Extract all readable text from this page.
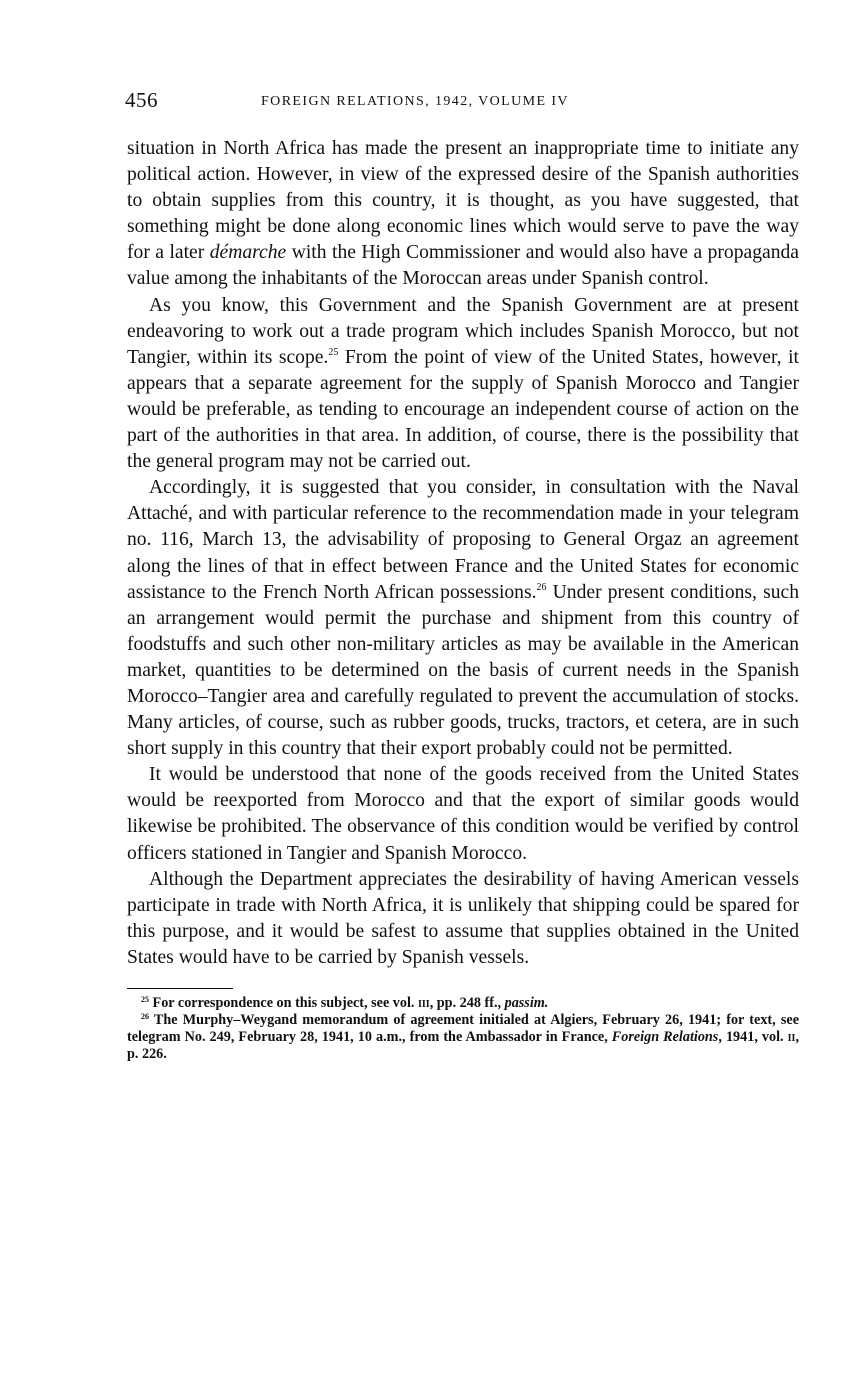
456	FOREIGN RELATIONS, 1942, VOLUME IV

situation in North Africa has made the present an inappropriate time to initiate any political action. However, in view of the expressed desire of the Spanish authorities to obtain supplies from this country, it is thought, as you have suggested, that something might be done along economic lines which would serve to pave the way for a later démarche with the High Commissioner and would also have a propaganda value among the inhabitants of the Moroccan areas under Spanish control.

As you know, this Government and the Spanish Government are at present endeavoring to work out a trade program which includes Spanish Morocco, but not Tangier, within its scope.$^{25}$ From the point of view of the United States, however, it appears that a separate agreement for the supply of Spanish Morocco and Tangier would be preferable, as tending to encourage an independent course of action on the part of the authorities in that area. In addition, of course, there is the possibility that the general program may not be carried out.

Accordingly, it is suggested that you consider, in consultation with the Naval Attaché, and with particular reference to the recommendation made in your telegram no. 116, March 13, the advisability of proposing to General Orgaz an agreement along the lines of that in effect between France and the United States for economic assistance to the French North African possessions.$^{26}$ Under present conditions, such an arrangement would permit the purchase and shipment from this country of foodstuffs and such other non-military articles as may be available in the American market, quantities to be determined on the basis of current needs in the Spanish Morocco–Tangier area and carefully regulated to prevent the accumulation of stocks. Many articles, of course, such as rubber goods, trucks, tractors, et cetera, are in such short supply in this country that their export probably could not be permitted.

It would be understood that none of the goods received from the United States would be reexported from Morocco and that the export of similar goods would likewise be prohibited. The observance of this condition would be verified by control officers stationed in Tangier and Spanish Morocco.

Although the Department appreciates the desirability of having American vessels participate in trade with North Africa, it is unlikely that shipping could be spared for this purpose, and it would be safest to assume that supplies obtained in the United States would have to be carried by Spanish vessels.

$^{25}$ For correspondence on this subject, see vol. iii, pp. 248 ff., passim.

$^{26}$ The Murphy–Weygand memorandum of agreement initialed at Algiers, February 26, 1941; for text, see telegram No. 249, February 28, 1941, 10 a.m., from the Ambassador in France, Foreign Relations, 1941, vol. ii, p. 226.
